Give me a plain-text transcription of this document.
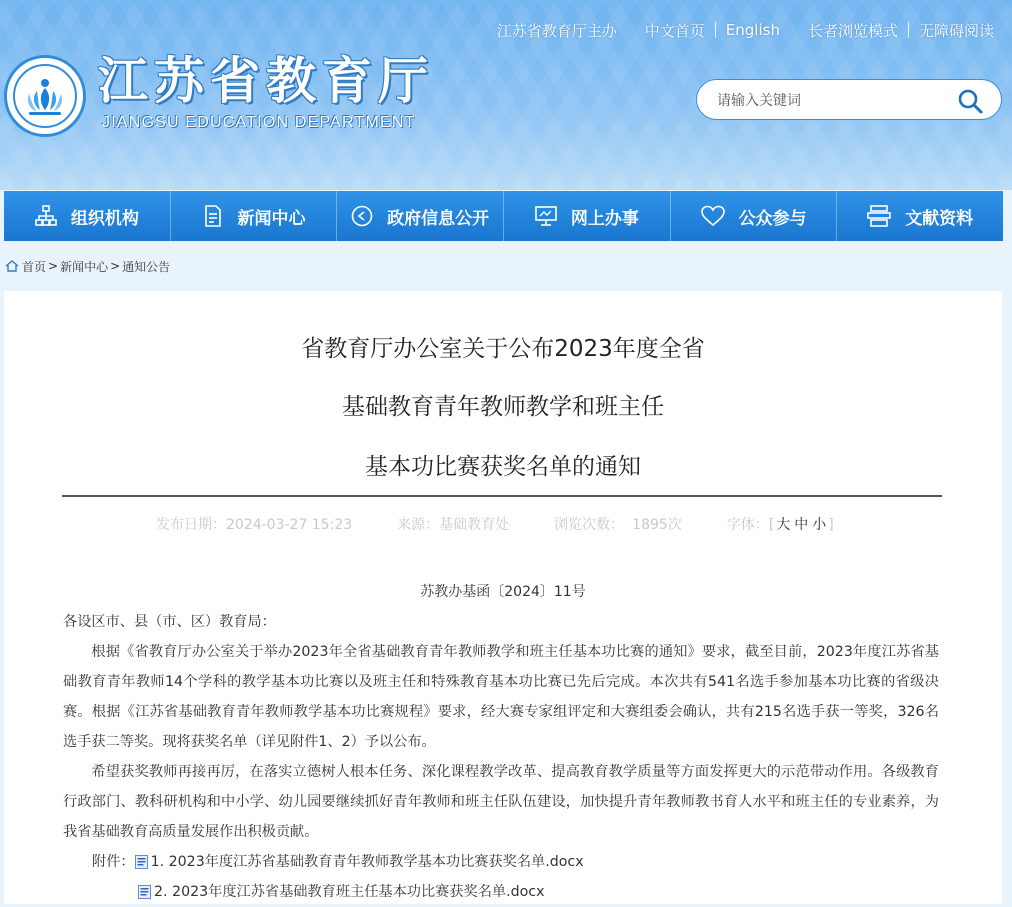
江苏省教育厅主办 中文首页 English 长者浏览模式 无障碍阅读
江苏省教育厅
JIANGSU EDUCATION DEPARTMENT
请输入关键词
组织机构	新闻中心	政府信息公开	网上办事	公众参与	文献资料
首页 > 新闻中心 > 通知公告
省教育厅办公室关于公布2023年度全省
基础教育青年教师教学和班主任
基本功比赛获奖名单的通知
发布日期：2024-03-27 15:23	来源：基础教育处	浏览次数： 1895次	字体：[ 大 中 小 ]
苏教办基函〔2024〕11号

各设区市、县（市、区）教育局：

根据《省教育厅办公室关于举办2023年全省基础教育青年教师教学和班主任基本功比赛的通知》要求，截至目前，2023年度江苏省基础教育青年教师14个学科的教学基本功比赛以及班主任和特殊教育基本功比赛已先后完成。本次共有541名选手参加基本功比赛的省级决赛。根据《江苏省基础教育青年教师教学基本功比赛规程》要求，经大赛专家组评定和大赛组委会确认，共有215名选手获一等奖，326名选手获二等奖。现将获奖名单（详见附件1、2）予以公布。

希望获奖教师再接再厉，在落实立德树人根本任务、深化课程教学改革、提高教育教学质量等方面发挥更大的示范带动作用。各级教育行政部门、教科研机构和中小学、幼儿园要继续抓好青年教师和班主任队伍建设，加快提升青年教师教书育人水平和班主任的专业素养，为我省基础教育高质量发展作出积极贡献。

附件： 1. 2023年度江苏省基础教育青年教师教学基本功比赛获奖名单.docx
2. 2023年度江苏省基础教育班主任基本功比赛获奖名单.docx
